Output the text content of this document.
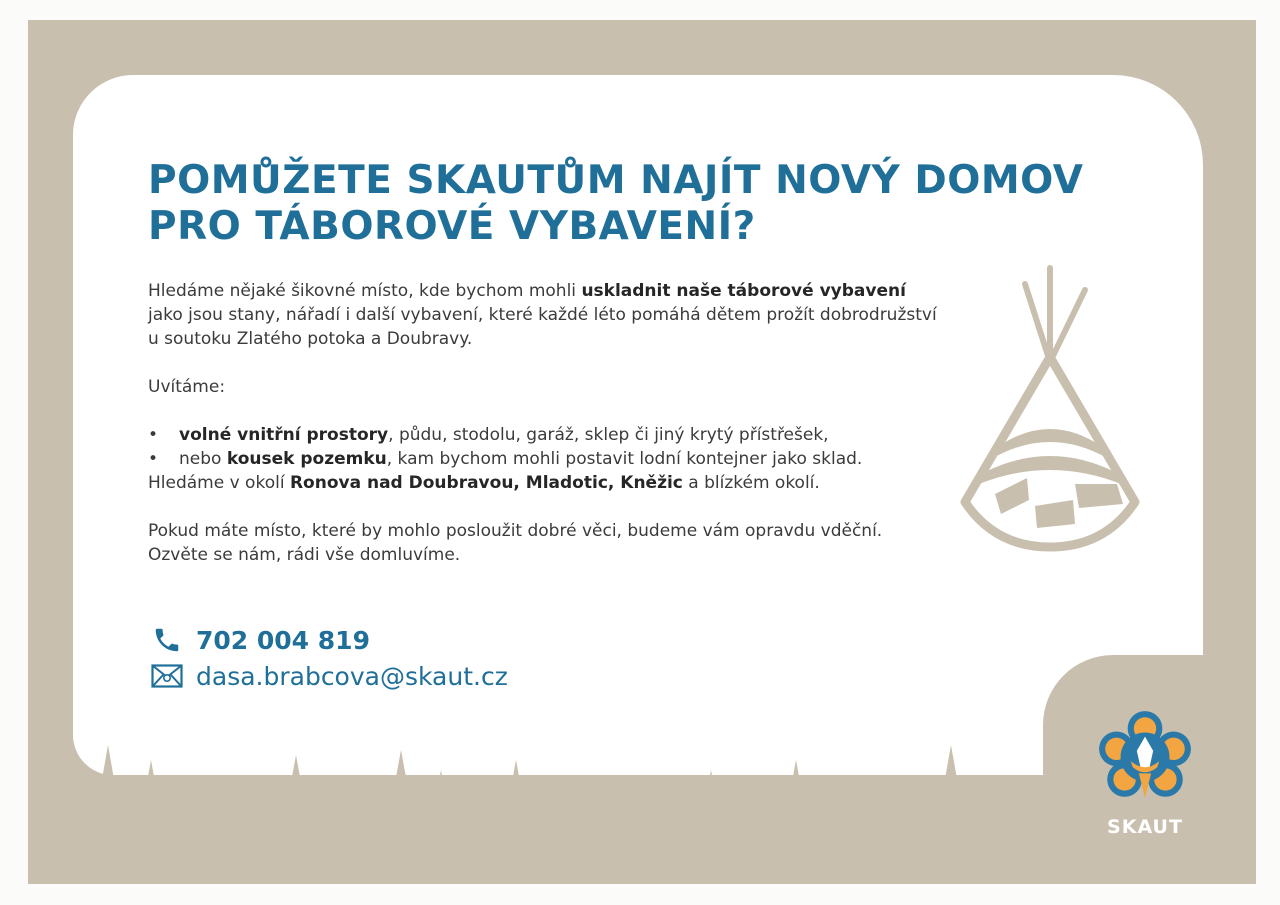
POMŮŽETE SKAUTŮM NAJÍT NOVÝ DOMOV
PRO TÁBOROVÉ VYBAVENÍ?

Hledáme nějaké šikovné místo, kde bychom mohli uskladnit naše táborové vybavení jako jsou stany, nářadí i další vybavení, které každé léto pomáhá dětem prožít dobrodružství u soutoku Zlatého potoka a Doubravy.

Uvítáme:

• volné vnitřní prostory, půdu, stodolu, garáž, sklep či jiný krytý přístřešek,
• nebo kousek pozemku, kam bychom mohli postavit lodní kontejner jako sklad.

Hledáme v okolí Ronova nad Doubravou, Mladotic, Kněžic a blízkém okolí.

Pokud máte místo, které by mohlo posloužit dobré věci, budeme vám opravdu vděční.

Ozvěte se nám, rádi vše domluvíme.

702 004 819
dasa.brabcova@skaut.cz
SKAUT
